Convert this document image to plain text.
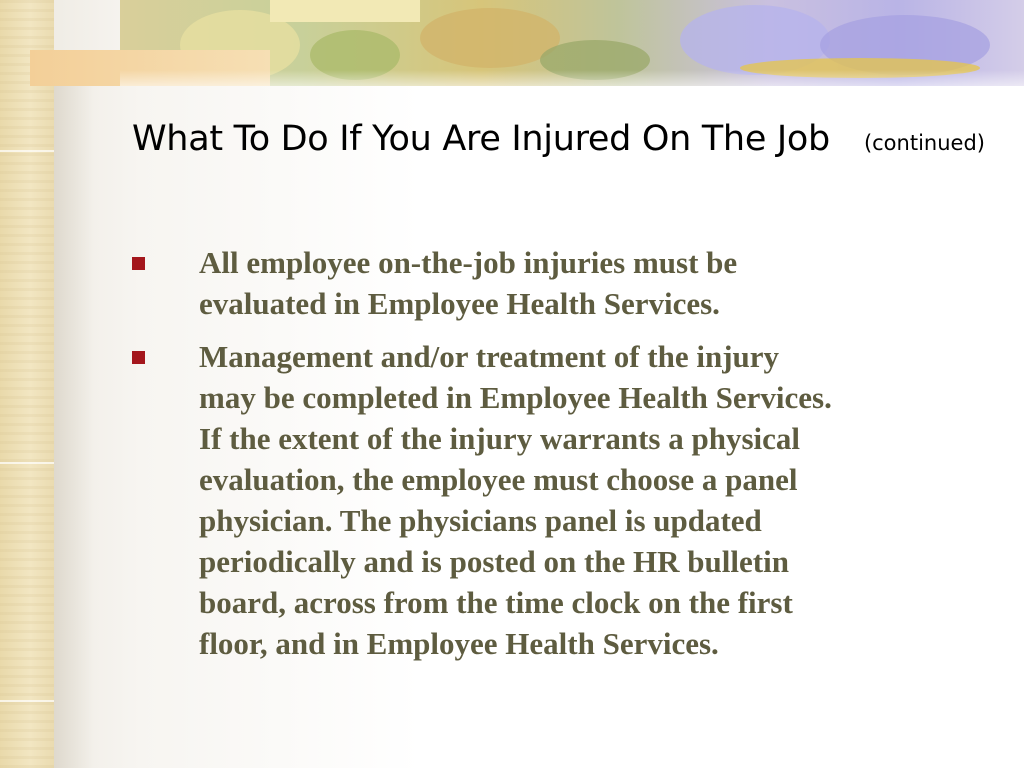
What To Do If You Are Injured On The Job (continued)
All employee on-the-job injuries must be
evaluated in Employee Health Services.
Management and/or treatment of the injury
may be completed in Employee Health Services.
If the extent of the injury warrants a physical
evaluation, the employee must choose a panel
physician. The physicians panel is updated
periodically and is posted on the HR bulletin
board, across from the time clock on the first
floor, and in Employee Health Services.
